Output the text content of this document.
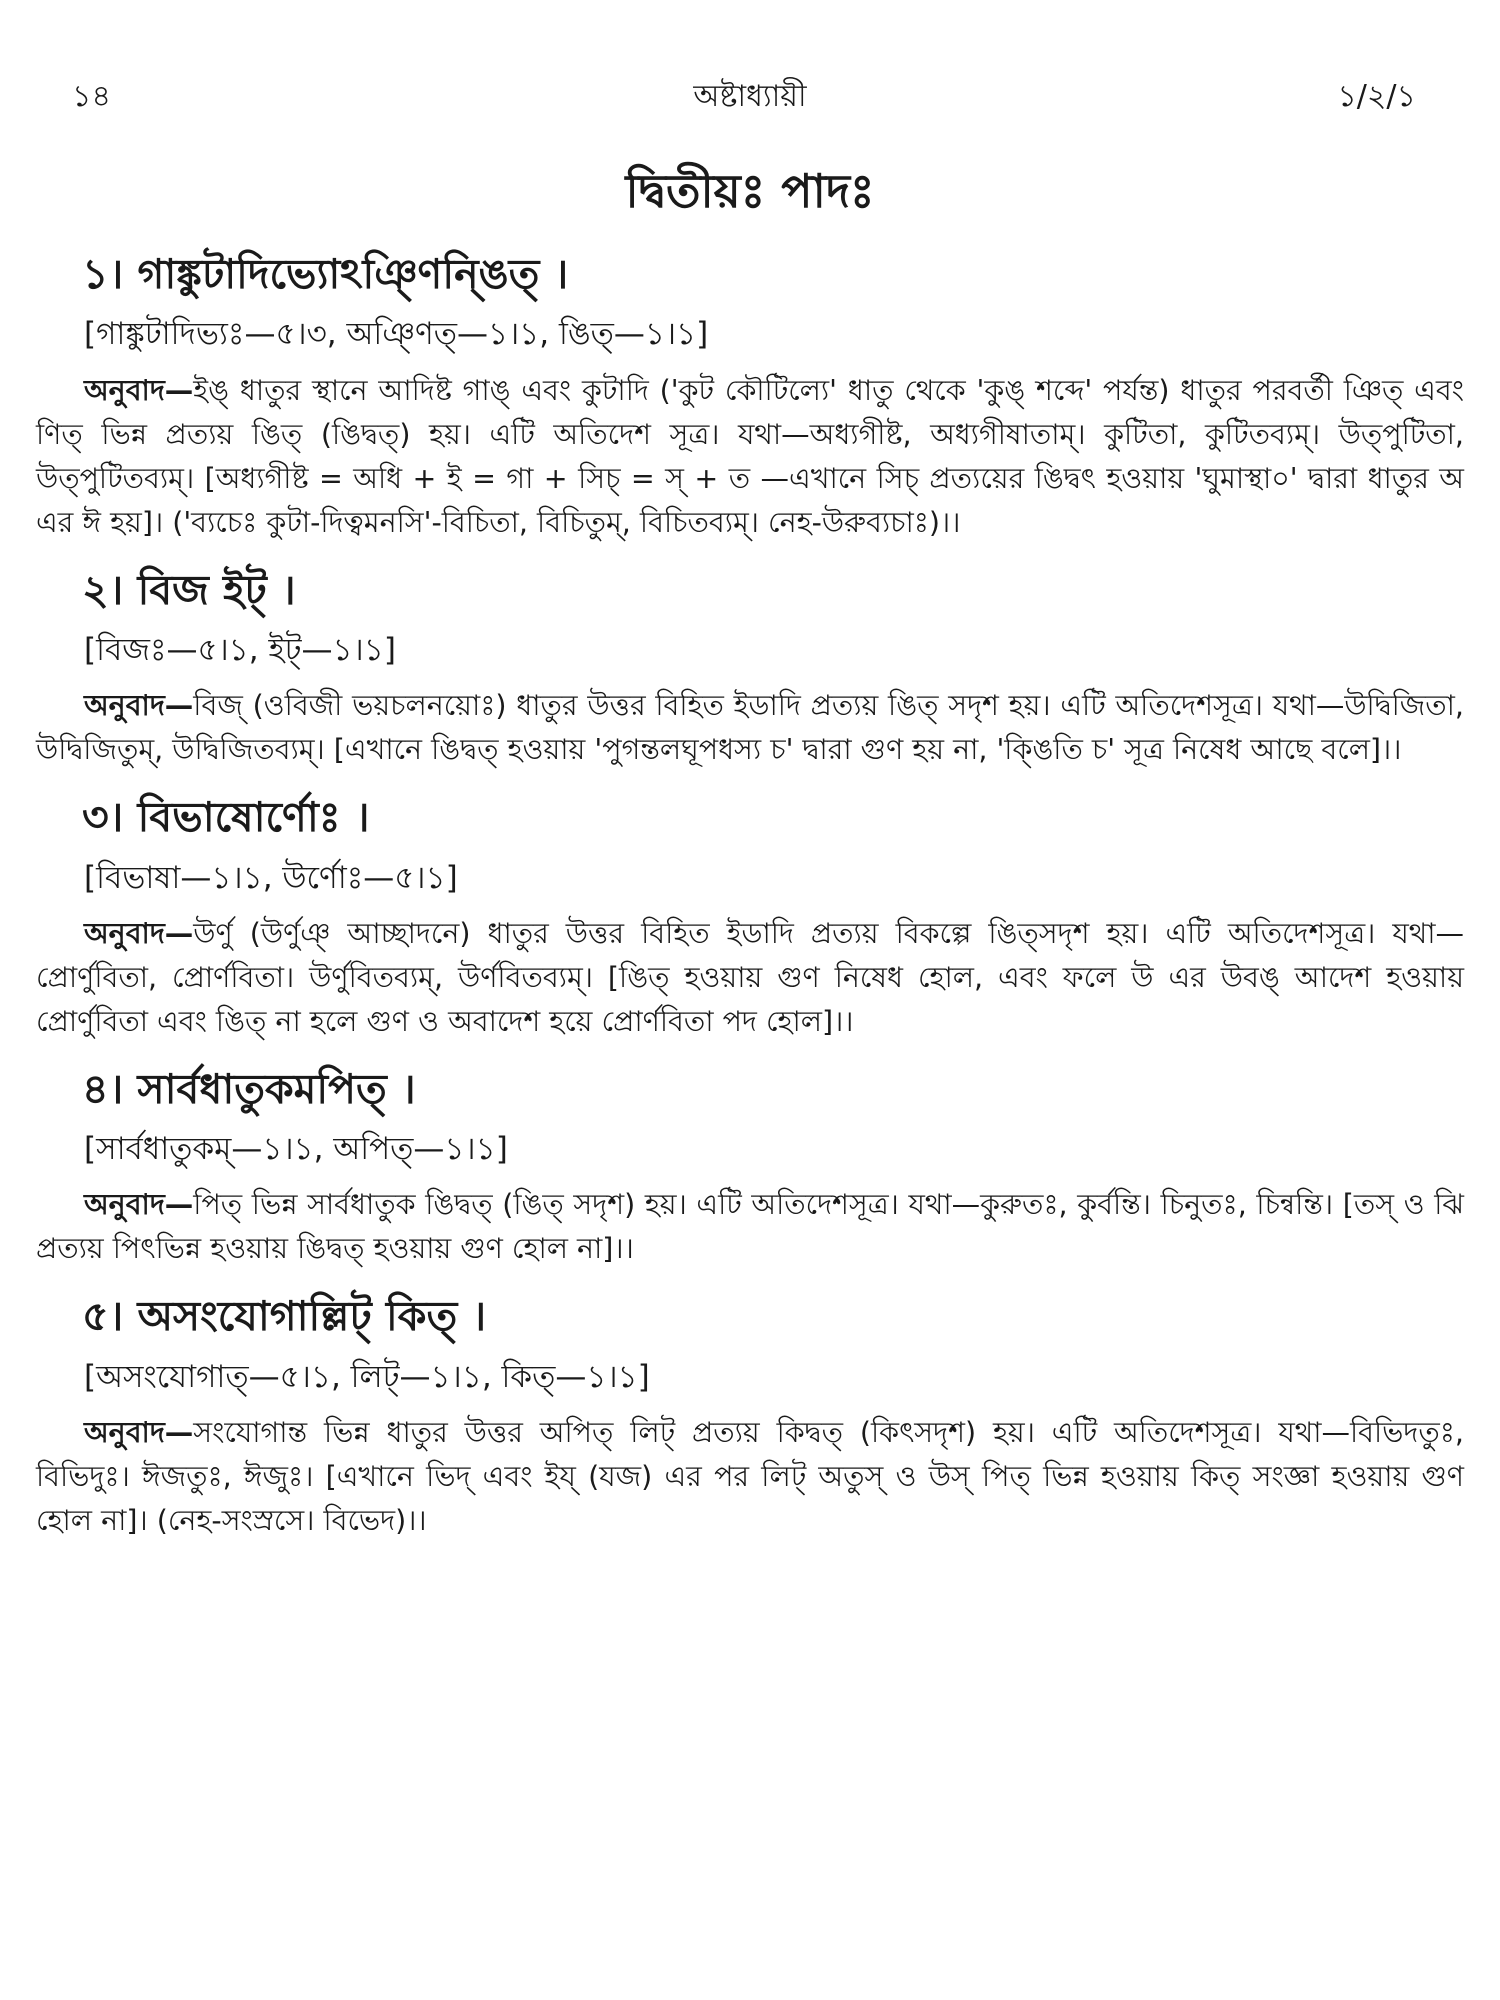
১৪	অষ্টাধ্যায়ী	১/২/১
দ্বিতীয়ঃ পাদঃ
১। গাঙ্কুটাদিভ্যোঽঞ্ণিন্ঙিত্ ।
[গাঙ্কুটাদিভ্যঃ—৫।৩, অঞ্ণিত্—১।১, ঙিত্—১।১]

অনুবাদ—ইঙ্ ধাতুর স্থানে আদিষ্ট গাঙ্ এবং কুটাদি ('কুট কৌটিল্যে' ধাতু থেকে 'কুঙ্ শব্দে' পর্যন্ত) ধাতুর পরবর্তী ঞিত্ এবং ণিত্ ভিন্ন প্রত্যয় ঙিত্ (ঙিদ্বত্) হয়। এটি অতিদেশ সূত্র। যথা—অধ্যগীষ্ট, অধ্যগীষাতাম্। কুটিতা, কুটিতব্যম্। উত্পুটিতা, উত্পুটিতব্যম্। [অধ্যগীষ্ট = অধি + ই = গা + সিচ্ = স্ + ত —এখানে সিচ্ প্রত্যয়ের ঙিদ্বৎ হওয়ায় 'ঘুমাস্থা০' দ্বারা ধাতুর অ এর ঈ হয়]। ('ব্যচেঃ কুটা-দিত্বমনসি'-বিচিতা, বিচিতুম্, বিচিতব্যম্। নেহ-উরুব্যচাঃ)।।

২। বিজ ইট্ ।
[বিজঃ—৫।১, ইট্—১।১]

অনুবাদ—বিজ্ (ওবিজী ভয়চলনয়োঃ) ধাতুর উত্তর বিহিত ইডাদি প্রত্যয় ঙিত্ সদৃশ হয়। এটি অতিদেশসূত্র। যথা—উদ্বিজিতা, উদ্বিজিতুম্, উদ্বিজিতব্যম্। [এখানে ঙিদ্বত্ হওয়ায় 'পুগন্তলঘূপধস্য চ' দ্বারা গুণ হয় না, 'ক্ঙিতি চ' সূত্র নিষেধ আছে বলে]।।

৩। বিভাষোর্ণোঃ ।
[বিভাষা—১।১, উর্ণোঃ—৫।১]

অনুবাদ—উর্ণু (উর্ণুঞ্ আচ্ছাদনে) ধাতুর উত্তর বিহিত ইডাদি প্রত্যয় বিকল্পে ঙিত্সদৃশ হয়। এটি অতিদেশসূত্র। যথা—প্রোর্ণুবিতা, প্রোর্ণবিতা। উর্ণুবিতব্যম্, উর্ণবিতব্যম্। [ঙিত্ হওয়ায় গুণ নিষেধ হোল, এবং ফলে উ এর উবঙ্ আদেশ হওয়ায় প্রোর্ণুবিতা এবং ঙিত্ না হলে গুণ ও অবাদেশ হয়ে প্রোর্ণবিতা পদ হোল]।।

৪। সার্বধাতুকমপিত্ ।
[সার্বধাতুকম্—১।১, অপিত্—১।১]

অনুবাদ—পিত্ ভিন্ন সার্বধাতুক ঙিদ্বত্ (ঙিত্ সদৃশ) হয়। এটি অতিদেশসূত্র। যথা—কুরুতঃ, কুর্বন্তি। চিনুতঃ, চিন্বন্তি। [তস্ ও ঝি প্রত্যয় পিৎভিন্ন হওয়ায় ঙিদ্বত্ হওয়ায় গুণ হোল না]।।

৫। অসংযোগাল্লিট্ কিত্ ।
[অসংযোগাত্—৫।১, লিট্—১।১, কিত্—১।১]

অনুবাদ—সংযোগান্ত ভিন্ন ধাতুর উত্তর অপিত্ লিট্ প্রত্যয় কিদ্বত্ (কিৎসদৃশ) হয়। এটি অতিদেশসূত্র। যথা—বিভিদতুঃ, বিভিদুঃ। ঈজতুঃ, ঈজুঃ। [এখানে ভিদ্ এবং ইয্ (যজ) এর পর লিট্ অতুস্ ও উস্ পিত্ ভিন্ন হওয়ায় কিত্ সংজ্ঞা হওয়ায় গুণ হোল না]। (নেহ-সংস্রসে। বিভেদ)।।
